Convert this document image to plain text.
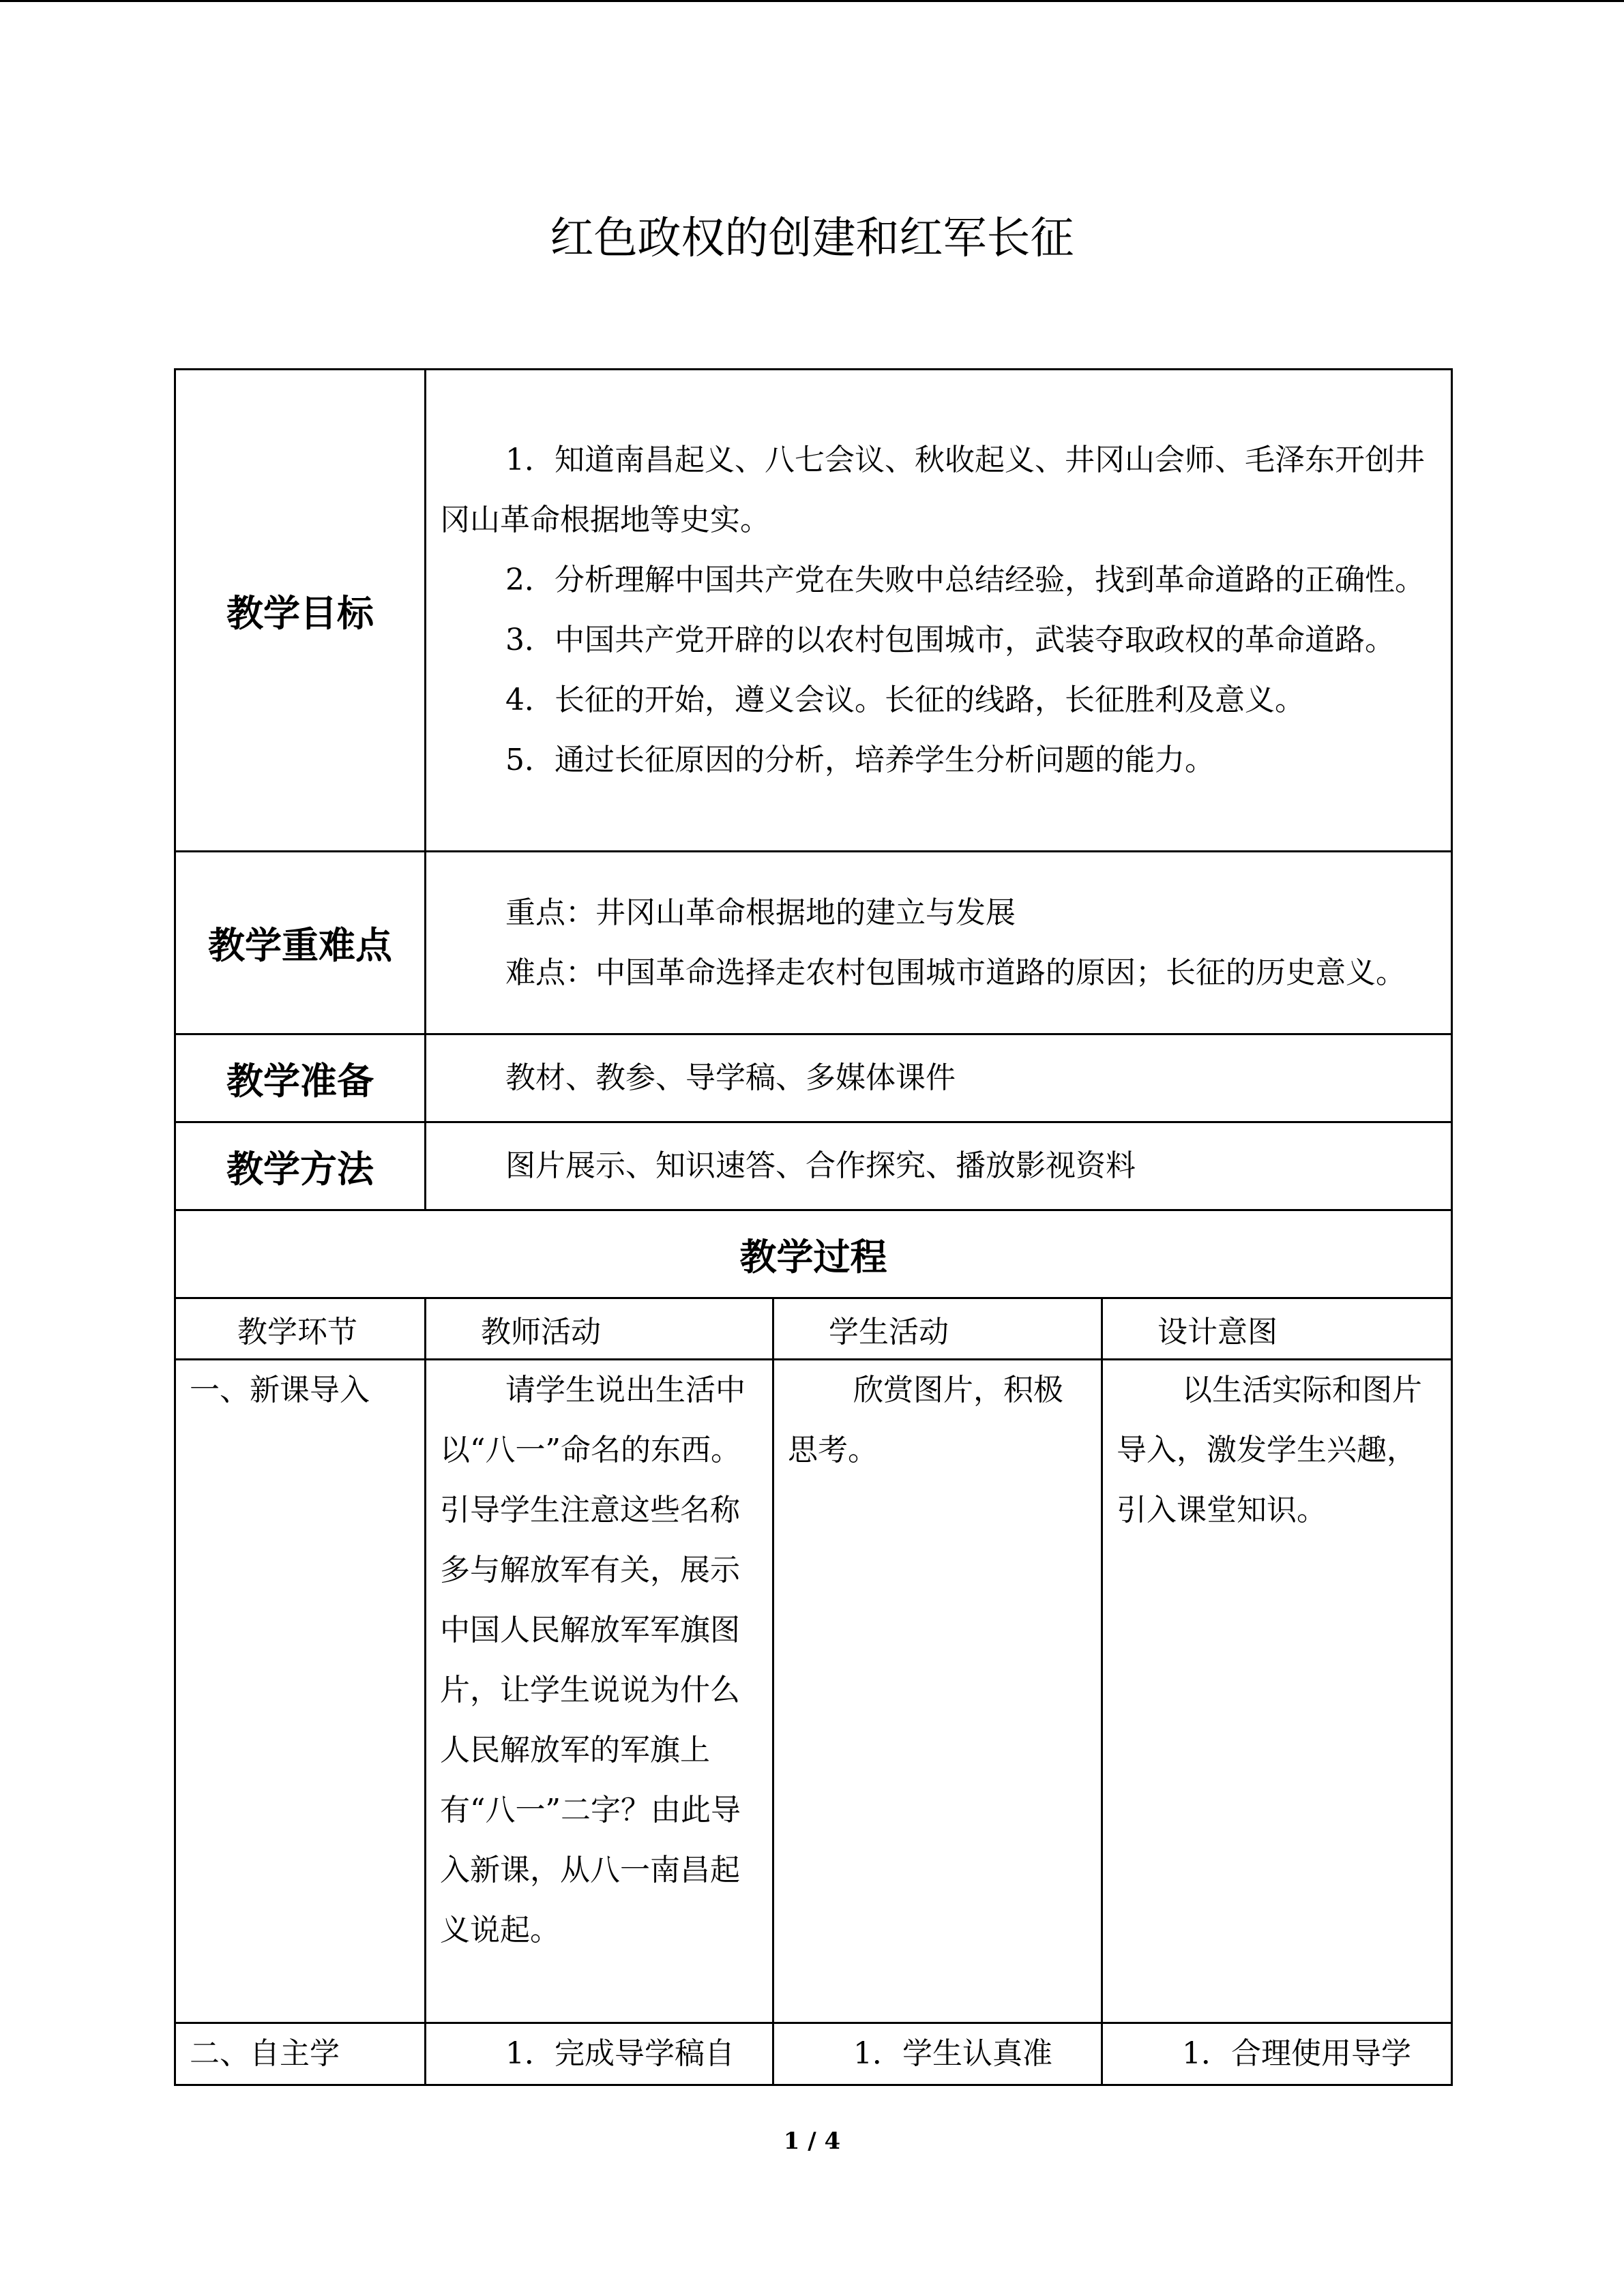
红色政权的创建和红军长征
教学目标	1．知道南昌起义、八七会议、秋收起义、井冈山会师、毛泽东开创井冈山革命根据地等史实。

2．分析理解中国共产党在失败中总结经验，找到革命道路的正确性。

3．中国共产党开辟的以农村包围城市，武装夺取政权的革命道路。

4．长征的开始，遵义会议。长征的线路，长征胜利及意义。

5．通过长征原因的分析，培养学生分析问题的能力。		

教学重难点	重点：井冈山革命根据地的建立与发展

难点：中国革命选择走农村包围城市道路的原因；长征的历史意义。		

教学准备	教材、教参、导学稿、多媒体课件		

教学方法	图片展示、知识速答、合作探究、播放影视资料		

教学过程			
教学环节	教师活动	学生活动	设计意图

一、新课导入	请学生说出生活中以“八一”命名的东西。引导学生注意这些名称多与解放军有关，展示中国人民解放军军旗图片，让学生说说为什么人民解放军的军旗上有“八一”二字？由此导入新课，从八一南昌起义说起。	欣赏图片，积极思考。	以生活实际和图片导入，激发学生兴趣，引入课堂知识。

二、自主学	1．完成导学稿自	1．学生认真准	1．合理使用导学

1 / 4
